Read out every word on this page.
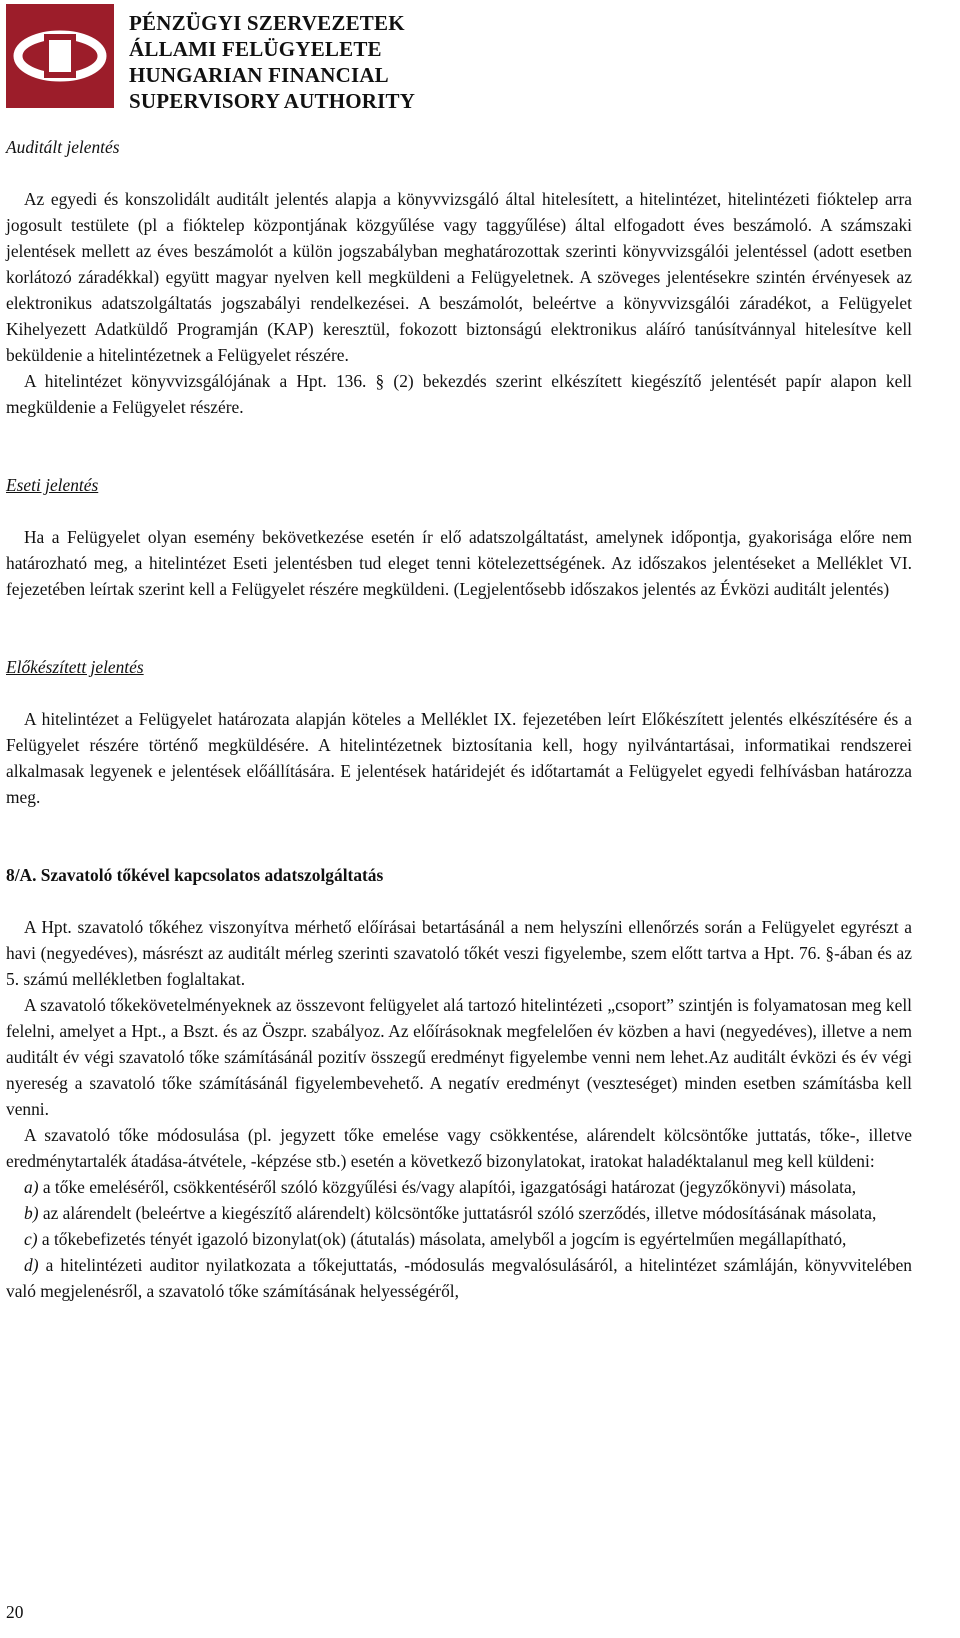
PÉNZÜGYI SZERVEZETEK
ÁLLAMI FELÜGYELETE
HUNGARIAN FINANCIAL
SUPERVISORY AUTHORITY

Auditált jelentés

Az egyedi és konszolidált auditált jelentés alapja a könyvvizsgáló által hitelesített, a hitelintézet, hitelintézeti fióktelep arra jogosult testülete (pl a fióktelep központjának közgyűlése vagy taggyűlése) által elfogadott éves beszámoló. A számszaki jelentések mellett az éves beszámolót a külön jogszabályban meghatározottak szerinti könyvvizsgálói jelentéssel (adott esetben korlátozó záradékkal) együtt magyar nyelven kell megküldeni a Felügyeletnek. A szöveges jelentésekre szintén érvényesek az elektronikus adatszolgáltatás jogszabályi rendelkezései. A beszámolót, beleértve a könyvvizsgálói záradékot, a Felügyelet Kihelyezett Adatküldő Programján (KAP) keresztül, fokozott biztonságú elektronikus aláíró tanúsítvánnyal hitelesítve kell beküldenie a hitelintézetnek a Felügyelet részére.

A hitelintézet könyvvizsgálójának a Hpt. 136. § (2) bekezdés szerint elkészített kiegészítő jelentését papír alapon kell megküldenie a Felügyelet részére.

Eseti jelentés

Ha a Felügyelet olyan esemény bekövetkezése esetén ír elő adatszolgáltatást, amelynek időpontja, gyakorisága előre nem határozható meg, a hitelintézet Eseti jelentésben tud eleget tenni kötelezettségének. Az időszakos jelentéseket a Melléklet VI. fejezetében leírtak szerint kell a Felügyelet részére megküldeni. (Legjelentősebb időszakos jelentés az Évközi auditált jelentés)

Előkészített jelentés

A hitelintézet a Felügyelet határozata alapján köteles a Melléklet IX. fejezetében leírt Előkészített jelentés elkészítésére és a Felügyelet részére történő megküldésére. A hitelintézetnek biztosítania kell, hogy nyilvántartásai, informatikai rendszerei alkalmasak legyenek e jelentések előállítására. E jelentések határidejét és időtartamát a Felügyelet egyedi felhívásban határozza meg.

8/A. Szavatoló tőkével kapcsolatos adatszolgáltatás

A Hpt. szavatoló tőkéhez viszonyítva mérhető előírásai betartásánál a nem helyszíni ellenőrzés során a Felügyelet egyrészt a havi (negyedéves), másrészt az auditált mérleg szerinti szavatoló tőkét veszi figyelembe, szem előtt tartva a Hpt. 76. §-ában és az 5. számú mellékletben foglaltakat.

A szavatoló tőkekövetelményeknek az összevont felügyelet alá tartozó hitelintézeti „csoport” szintjén is folyamatosan meg kell felelni, amelyet a Hpt., a Bszt. és az Öszpr. szabályoz. Az előírásoknak megfelelően év közben a havi (negyedéves), illetve a nem auditált év végi szavatoló tőke számításánál pozitív összegű eredményt figyelembe venni nem lehet.Az auditált évközi és év végi nyereség a szavatoló tőke számításánál figyelembevehető. A negatív eredményt (veszteséget) minden esetben számításba kell venni.

A szavatoló tőke módosulása (pl. jegyzett tőke emelése vagy csökkentése, alárendelt kölcsöntőke juttatás, tőke-, illetve eredménytartalék átadása-átvétele, -képzése stb.) esetén a következő bizonylatokat, iratokat haladéktalanul meg kell küldeni:

a) a tőke emeléséről, csökkentéséről szóló közgyűlési és/vagy alapítói, igazgatósági határozat (jegyzőkönyvi) másolata,

b) az alárendelt (beleértve a kiegészítő alárendelt) kölcsöntőke juttatásról szóló szerződés, illetve módosításának másolata,

c) a tőkebefizetés tényét igazoló bizonylat(ok) (átutalás) másolata, amelyből a jogcím is egyértelműen megállapítható,

d) a hitelintézeti auditor nyilatkozata a tőkejuttatás, -módosulás megvalósulásáról, a hitelintézet számláján, könyvvitelében való megjelenésről, a szavatoló tőke számításának helyességéről,

20
